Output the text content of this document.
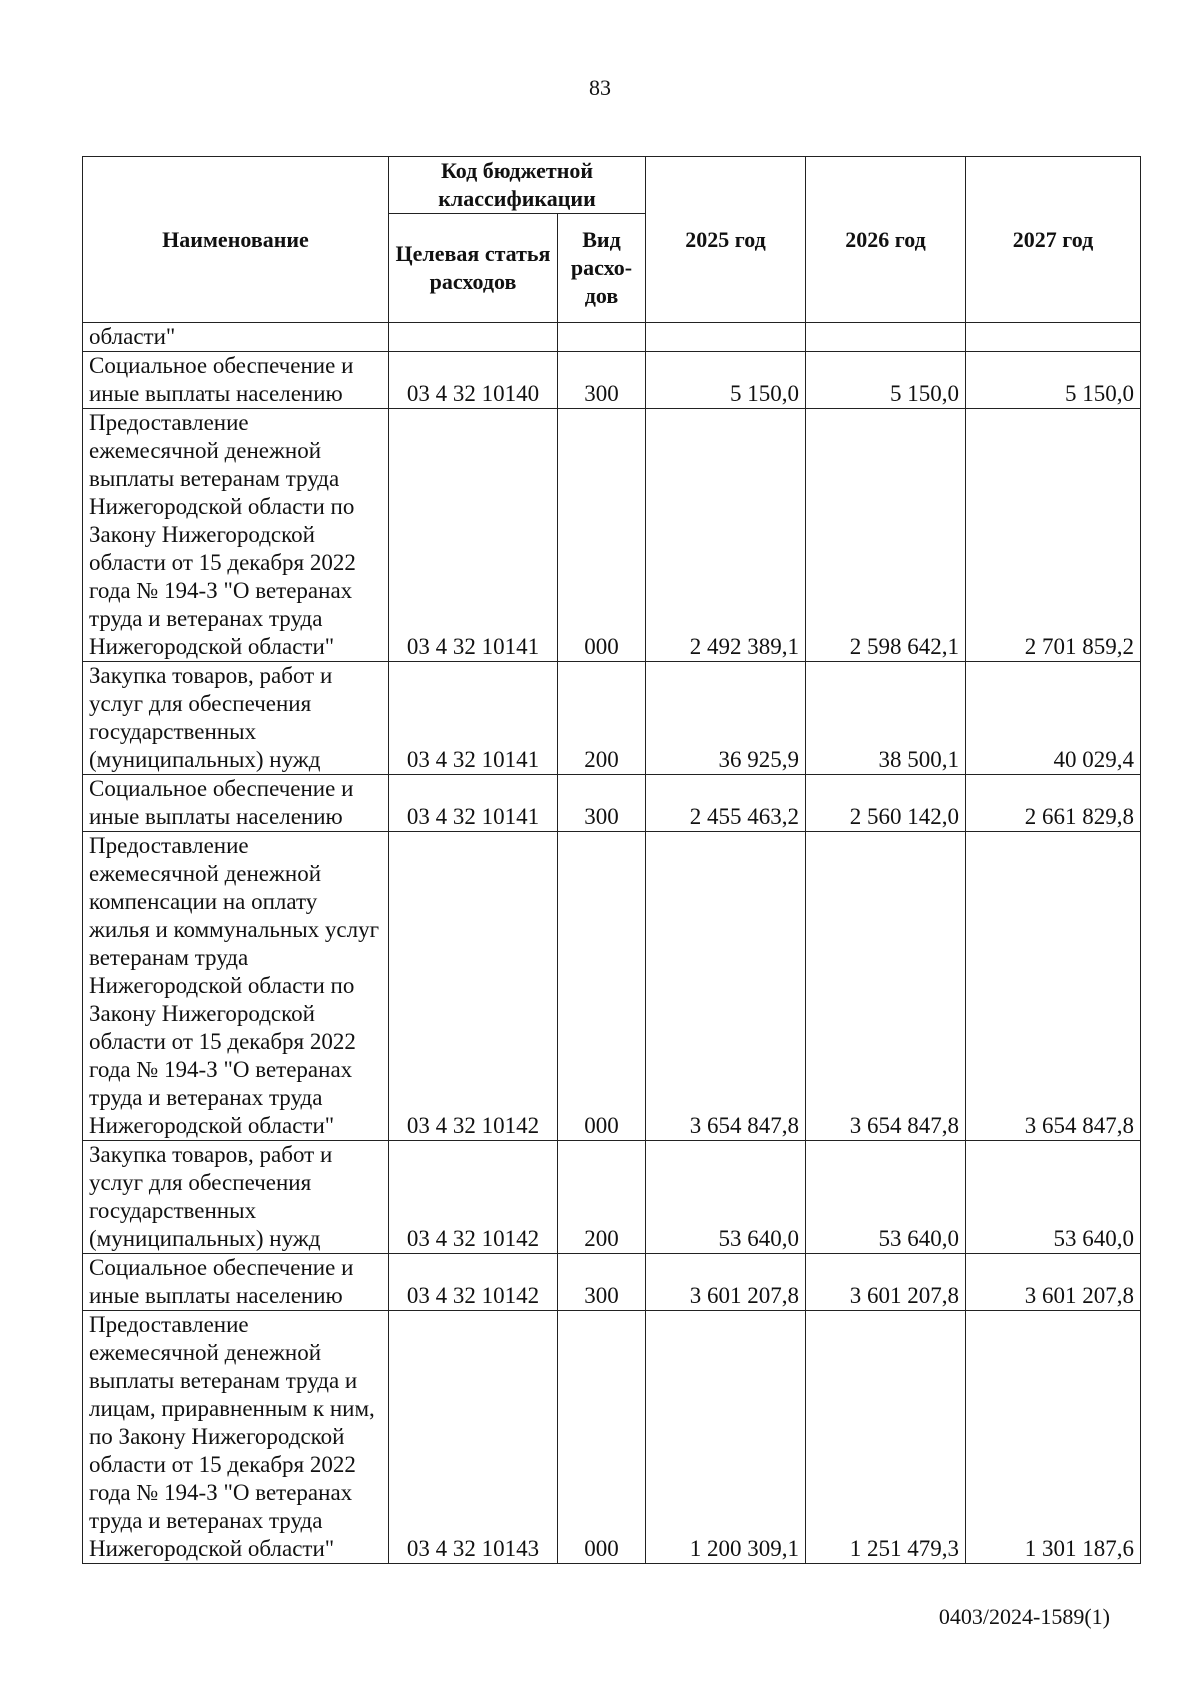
83
Наименование	Код бюджетной классификации		2025 год	2026 год	2027 год
	Целевая статья расходов	Вид расхо-дов			
области"					
Социальное обеспечение и иные выплаты населению	03 4 32 10140	300	5 150,0	5 150,0	5 150,0
Предоставление ежемесячной денежной выплаты ветеранам труда Нижегородской области по Закону Нижегородской области от 15 декабря 2022 года № 194-З "О ветеранах труда и ветеранах труда Нижегородской области"	03 4 32 10141	000	2 492 389,1	2 598 642,1	2 701 859,2
Закупка товаров, работ и услуг для обеспечения государственных (муниципальных) нужд	03 4 32 10141	200	36 925,9	38 500,1	40 029,4
Социальное обеспечение и иные выплаты населению	03 4 32 10141	300	2 455 463,2	2 560 142,0	2 661 829,8
Предоставление ежемесячной денежной компенсации на оплату жилья и коммунальных услуг ветеранам труда Нижегородской области по Закону Нижегородской области от 15 декабря 2022 года № 194-З "О ветеранах труда и ветеранах труда Нижегородской области"	03 4 32 10142	000	3 654 847,8	3 654 847,8	3 654 847,8
Закупка товаров, работ и услуг для обеспечения государственных (муниципальных) нужд	03 4 32 10142	200	53 640,0	53 640,0	53 640,0
Социальное обеспечение и иные выплаты населению	03 4 32 10142	300	3 601 207,8	3 601 207,8	3 601 207,8
Предоставление ежемесячной денежной выплаты ветеранам труда и лицам, приравненным к ним, по Закону Нижегородской области от 15 декабря 2022 года № 194-З "О ветеранах труда и ветеранах труда Нижегородской области"	03 4 32 10143	000	1 200 309,1	1 251 479,3	1 301 187,6
0403/2024-1589(1)
